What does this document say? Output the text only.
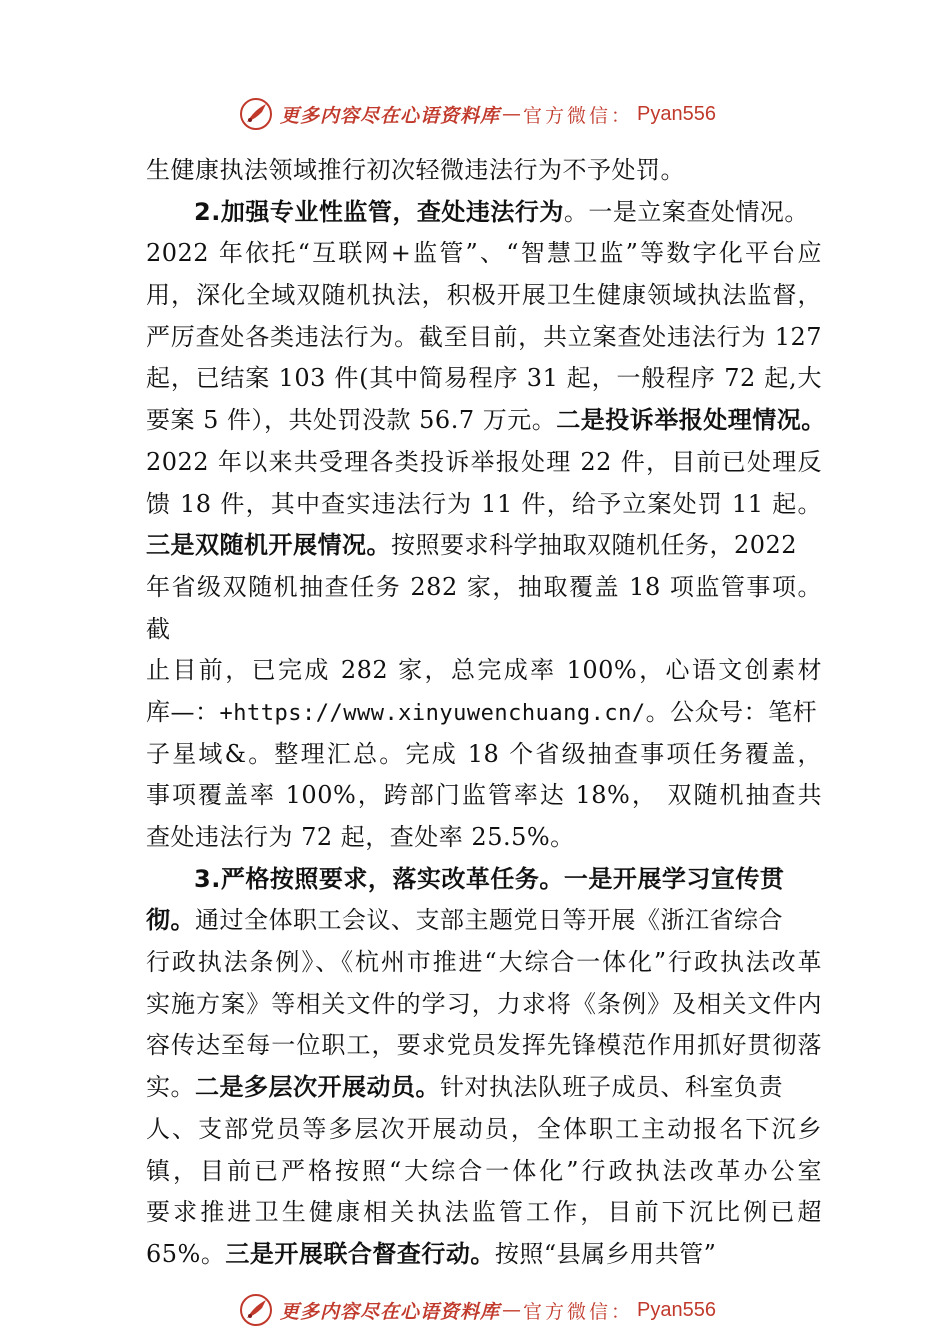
更多内容尽在心语资料库 — 官方微信： Pyan556
生健康执法领域推行初次轻微违法行为不予处罚。
2.加强专业性监管，查处违法行为。一是立案查处情况。
2022 年依托“互联网+监管”、“智慧卫监”等数字化平台应
用，深化全域双随机执法，积极开展卫生健康领域执法监督，
严厉查处各类违法行为。截至目前，共立案查处违法行为 127
起，已结案 103 件(其中简易程序 31 起，一般程序 72 起,大
要案 5 件），共处罚没款 56.7 万元。二是投诉举报处理情况。
2022 年以来共受理各类投诉举报处理 22 件，目前已处理反
馈 18 件，其中查实违法行为 11 件，给予立案处罚 11 起。
三是双随机开展情况。按照要求科学抽取双随机任务，2022
年省级双随机抽查任务 282 家，抽取覆盖 18 项监管事项。
截
止目前，已完成 282 家，总完成率 100%，心语文创素材
库—：+https://www.xinyuwenchuang.cn/。公众号：笔杆
子星域&。整理汇总。完成 18 个省级抽查事项任务覆盖，
事项覆盖率 100%，跨部门监管率达 18%， 双随机抽查共
查处违法行为 72 起，查处率 25.5%。
3.严格按照要求，落实改革任务。一是开展学习宣传贯
彻。通过全体职工会议、支部主题党日等开展《浙江省综合
行政执法条例》、《杭州市推进“大综合一体化”行政执法改革
实施方案》等相关文件的学习，力求将《条例》及相关文件内
容传达至每一位职工，要求党员发挥先锋模范作用抓好贯彻落
实。二是多层次开展动员。针对执法队班子成员、科室负责
人、支部党员等多层次开展动员，全体职工主动报名下沉乡
镇，目前已严格按照“大综合一体化”行政执法改革办公室
要求推进卫生健康相关执法监管工作，目前下沉比例已超
65%。三是开展联合督查行动。按照“县属乡用共管”
更多内容尽在心语资料库 — 官方微信： Pyan556
